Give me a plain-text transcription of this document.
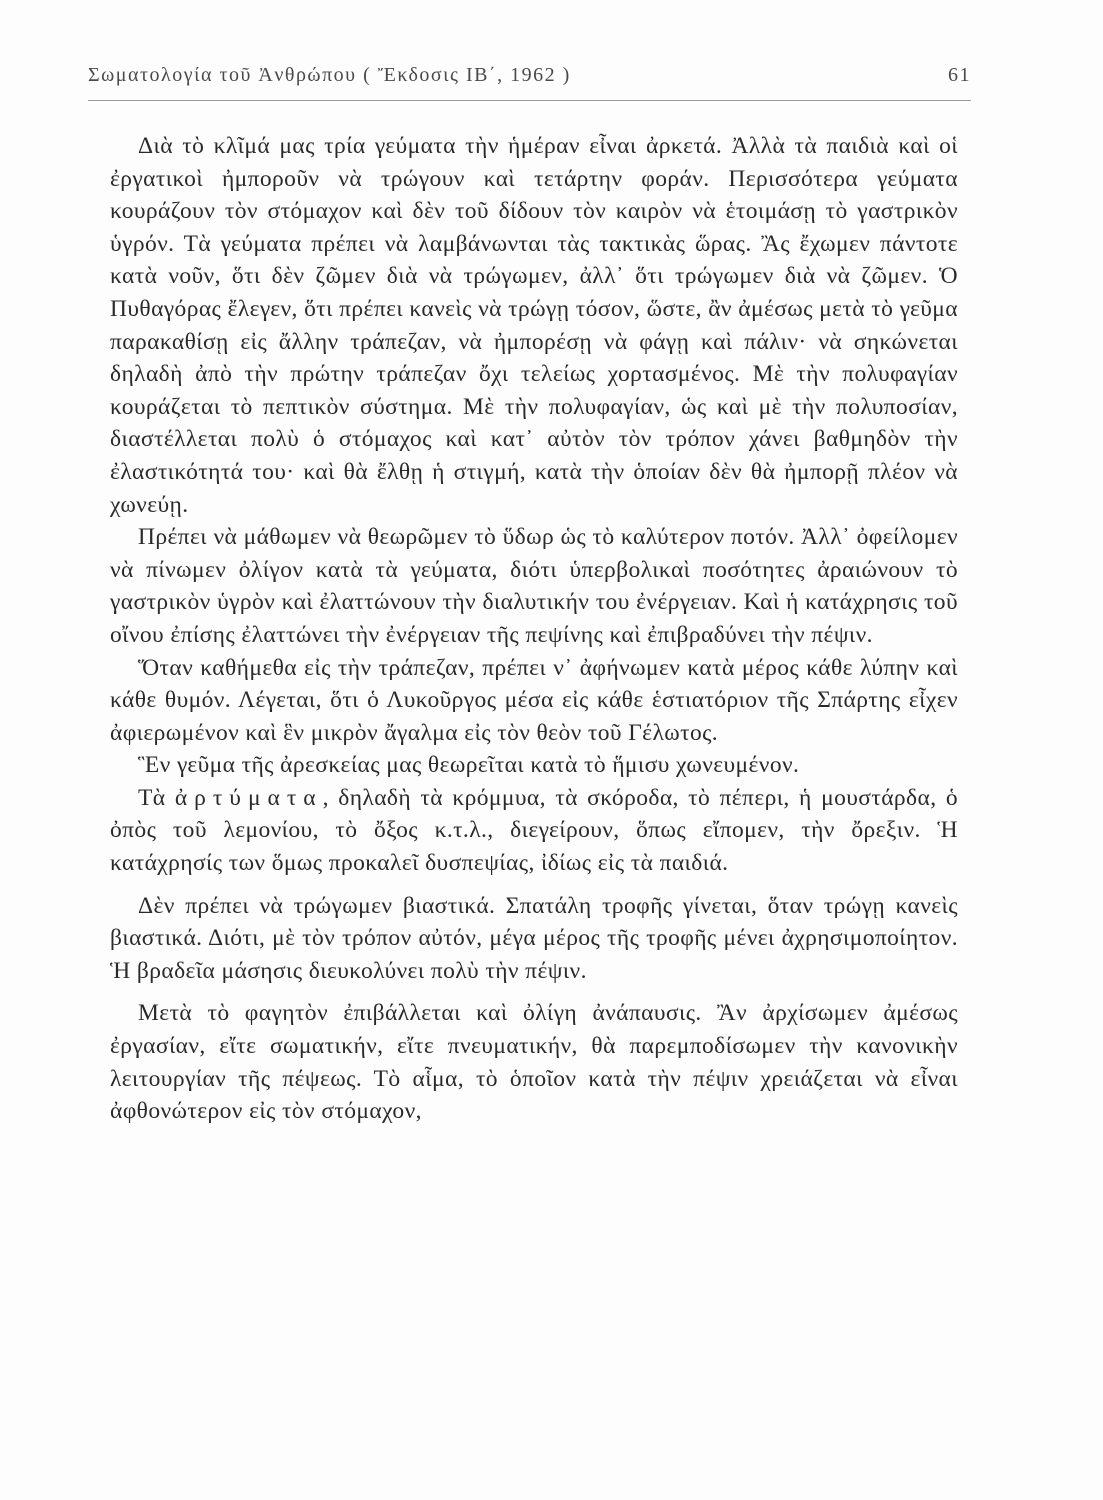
Σωματολογία τοῦ Ἀνθρώπου ( Ἔκδοσις ΙΒ΄, 1962 )	61

Διὰ τὸ κλῖμά μας τρία γεύματα τὴν ἡμέραν εἶναι ἀρκετά. Ἀλλὰ τὰ παιδιὰ καὶ οἱ ἐργατικοὶ ἠμποροῦν νὰ τρώγουν καὶ τετάρτην φοράν. Περισσότερα γεύματα κουράζουν τὸν στόμαχον καὶ δὲν τοῦ δίδουν τὸν καιρὸν νὰ ἑτοιμάσῃ τὸ γαστρικὸν ὑγρόν. Τὰ γεύματα πρέπει νὰ λαμβάνωνται τὰς τακτικὰς ὥρας. Ἂς ἔχωμεν πάντοτε κατὰ νοῦν, ὅτι δὲν ζῶμεν διὰ νὰ τρώγωμεν, ἀλλ᾽ ὅτι τρώγωμεν διὰ νὰ ζῶμεν. Ὁ Πυθαγόρας ἔλεγεν, ὅτι πρέπει κανεὶς νὰ τρώγῃ τόσον, ὥστε, ἂν ἀμέσως μετὰ τὸ γεῦμα παρακαθίσῃ εἰς ἄλλην τράπεζαν, νὰ ἠμπορέσῃ νὰ φάγῃ καὶ πάλιν· νὰ σηκώνεται δηλαδὴ ἀπὸ τὴν πρώτην τράπεζαν ὄχι τελείως χορτασμένος. Μὲ τὴν πολυφαγίαν κουράζεται τὸ πεπτικὸν σύστημα. Μὲ τὴν πολυφαγίαν, ὡς καὶ μὲ τὴν πολυποσίαν, διαστέλλεται πολὺ ὁ στόμαχος καὶ κατ᾽ αὐτὸν τὸν τρόπον χάνει βαθμηδὸν τὴν ἐλαστικότητά του· καὶ θὰ ἔλθῃ ἡ στιγμή, κατὰ τὴν ὁποίαν δὲν θὰ ἠμπορῇ πλέον νὰ χωνεύῃ.

Πρέπει νὰ μάθωμεν νὰ θεωρῶμεν τὸ ὕδωρ ὡς τὸ καλύτερον ποτόν. Ἀλλ᾽ ὀφείλομεν νὰ πίνωμεν ὀλίγον κατὰ τὰ γεύματα, διότι ὑπερβολικαὶ ποσότητες ἀραιώνουν τὸ γαστρικὸν ὑγρὸν καὶ ἐλαττώνουν τὴν διαλυτικήν του ἐνέργειαν. Καὶ ἡ κατάχρησις τοῦ οἴνου ἐπίσης ἐλαττώνει τὴν ἐνέργειαν τῆς πεψίνης καὶ ἐπιβραδύνει τὴν πέψιν.

Ὅταν καθήμεθα εἰς τὴν τράπεζαν, πρέπει ν᾽ ἀφήνωμεν κατὰ μέρος κάθε λύπην καὶ κάθε θυμόν. Λέγεται, ὅτι ὁ Λυκοῦργος μέσα εἰς κάθε ἑστιατόριον τῆς Σπάρτης εἶχεν ἀφιερωμένον καὶ ἓν μικρὸν ἄγαλμα εἰς τὸν θεὸν τοῦ Γέλωτος.

Ἓν γεῦμα τῆς ἀρεσκείας μας θεωρεῖται κατὰ τὸ ἥμισυ χωνευμένον.

Τὰ ἀρτύματα, δηλαδὴ τὰ κρόμμυα, τὰ σκόροδα, τὸ πέπερι, ἡ μουστάρδα, ὁ ὀπὸς τοῦ λεμονίου, τὸ ὄξος κ.τ.λ., διεγείρουν, ὅπως εἴπομεν, τὴν ὄρεξιν. Ἡ κατάχρησίς των ὅμως προκαλεῖ δυσπεψίας, ἰδίως εἰς τὰ παιδιά.

Δὲν πρέπει νὰ τρώγωμεν βιαστικά. Σπατάλη τροφῆς γίνεται, ὅταν τρώγῃ κανεὶς βιαστικά. Διότι, μὲ τὸν τρόπον αὐτόν, μέγα μέρος τῆς τροφῆς μένει ἀχρησιμοποίητον. Ἡ βραδεῖα μάσησις διευκολύνει πολὺ τὴν πέψιν.

Μετὰ τὸ φαγητὸν ἐπιβάλλεται καὶ ὀλίγη ἀνάπαυσις. Ἂν ἀρχίσωμεν ἀμέσως ἐργασίαν, εἴτε σωματικήν, εἴτε πνευματικήν, θὰ παρεμποδίσωμεν τὴν κανονικὴν λειτουργίαν τῆς πέψεως. Τὸ αἷμα, τὸ ὁποῖον κατὰ τὴν πέψιν χρειάζεται νὰ εἶναι ἀφθονώτερον εἰς τὸν στόμαχον,
